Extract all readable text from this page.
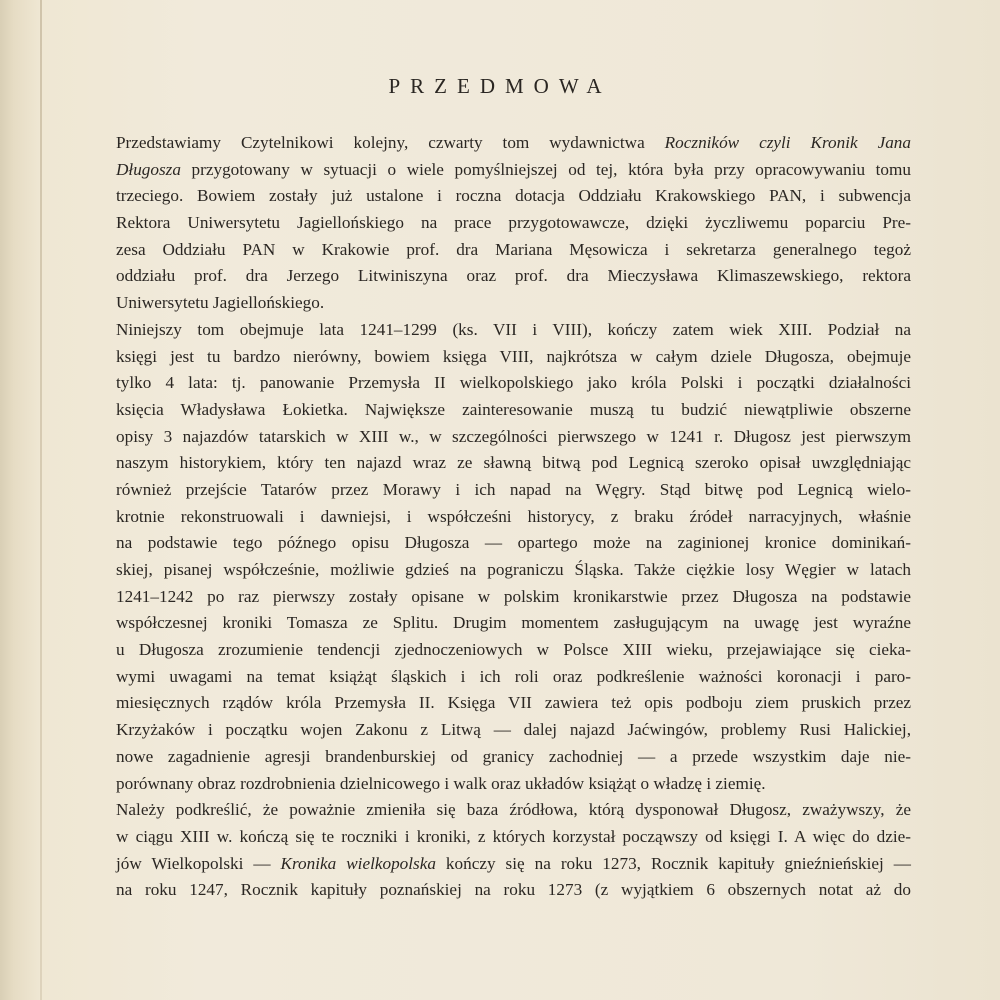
PRZEDMOWA
Przedstawiamy Czytelnikowi kolejny, czwarty tom wydawnictwa Roczników czyli Kronik Jana
Długosza przygotowany w sytuacji o wiele pomyślniejszej od tej, która była przy opracowywaniu tomu
trzeciego. Bowiem zostały już ustalone i roczna dotacja Oddziału Krakowskiego PAN, i subwencja
Rektora Uniwersytetu Jagiellońskiego na prace przygotowawcze, dzięki życzliwemu poparciu Pre-
zesa Oddziału PAN w Krakowie prof. dra Mariana Męsowicza i sekretarza generalnego tegoż
oddziału prof. dra Jerzego Litwiniszyna oraz prof. dra Mieczysława Klimaszewskiego, rektora
Uniwersytetu Jagiellońskiego.
Niniejszy tom obejmuje lata 1241–1299 (ks. VII i VIII), kończy zatem wiek XIII. Podział na
księgi jest tu bardzo nierówny, bowiem księga VIII, najkrótsza w całym dziele Długosza, obejmuje
tylko 4 lata: tj. panowanie Przemysła II wielkopolskiego jako króla Polski i początki działalności
księcia Władysława Łokietka. Największe zainteresowanie muszą tu budzić niewątpliwie obszerne
opisy 3 najazdów tatarskich w XIII w., w szczególności pierwszego w 1241 r. Długosz jest pierwszym
naszym historykiem, który ten najazd wraz ze sławną bitwą pod Legnicą szeroko opisał uwzględniając
również przejście Tatarów przez Morawy i ich napad na Węgry. Stąd bitwę pod Legnicą wielo-
krotnie rekonstruowali i dawniejsi, i współcześni historycy, z braku źródeł narracyjnych, właśnie
na podstawie tego późnego opisu Długosza — opartego może na zaginionej kronice dominikań-
skiej, pisanej współcześnie, możliwie gdzieś na pograniczu Śląska. Także ciężkie losy Węgier w latach
1241–1242 po raz pierwszy zostały opisane w polskim kronikarstwie przez Długosza na podstawie
współczesnej kroniki Tomasza ze Splitu. Drugim momentem zasługującym na uwagę jest wyraźne
u Długosza zrozumienie tendencji zjednoczeniowych w Polsce XIII wieku, przejawiające się cieka-
wymi uwagami na temat książąt śląskich i ich roli oraz podkreślenie ważności koronacji i paro-
miesięcznych rządów króla Przemysła II. Księga VII zawiera też opis podboju ziem pruskich przez
Krzyżaków i początku wojen Zakonu z Litwą — dalej najazd Jaćwingów, problemy Rusi Halickiej,
nowe zagadnienie agresji brandenburskiej od granicy zachodniej — a przede wszystkim daje nie-
porównany obraz rozdrobnienia dzielnicowego i walk oraz układów książąt o władzę i ziemię.
Należy podkreślić, że poważnie zmieniła się baza źródłowa, którą dysponował Długosz, zważywszy, że
w ciągu XIII w. kończą się te roczniki i kroniki, z których korzystał począwszy od księgi I. A więc do dzie-
jów Wielkopolski — Kronika wielkopolska kończy się na roku 1273, Rocznik kapituły gnieźnieńskiej —
na roku 1247, Rocznik kapituły poznańskiej na roku 1273 (z wyjątkiem 6 obszernych notat aż do
